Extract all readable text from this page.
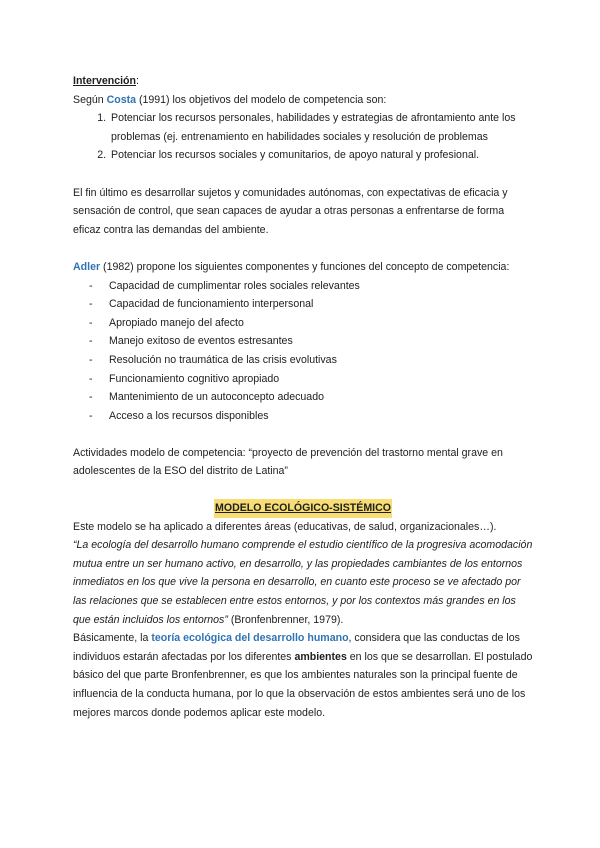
Intervención:

Según Costa (1991) los objetivos del modelo de competencia son:

1. Potenciar los recursos personales, habilidades y estrategias de afrontamiento ante los problemas (ej. entrenamiento en habilidades sociales y resolución de problemas
2. Potenciar los recursos sociales y comunitarios, de apoyo natural y profesional.

El fin último es desarrollar sujetos y comunidades autónomas, con expectativas de eficacia y sensación de control, que sean capaces de ayudar a otras personas a enfrentarse de forma eficaz contra las demandas del ambiente.

Adler (1982) propone los siguientes componentes y funciones del concepto de competencia:

- Capacidad de cumplimentar roles sociales relevantes
- Capacidad de funcionamiento interpersonal
- Apropiado manejo del afecto
- Manejo exitoso de eventos estresantes
- Resolución no traumática de las crisis evolutivas
- Funcionamiento cognitivo apropiado
- Mantenimiento de un autoconcepto adecuado
- Acceso a los recursos disponibles

Actividades modelo de competencia: “proyecto de prevención del trastorno mental grave en adolescentes de la ESO del distrito de Latina”

MODELO ECOLÓGICO-SISTÉMICO

Este modelo se ha aplicado a diferentes áreas (educativas, de salud, organizacionales…).

“La ecología del desarrollo humano comprende el estudio científico de la progresiva acomodación mutua entre un ser humano activo, en desarrollo, y las propiedades cambiantes de los entornos inmediatos en los que vive la persona en desarrollo, en cuanto este proceso se ve afectado por las relaciones que se establecen entre estos entornos, y por los contextos más grandes en los que están incluidos los entornos” (Bronfenbrenner, 1979).

Básicamente, la teoría ecológica del desarrollo humano, considera que las conductas de los individuos estarán afectadas por los diferentes ambientes en los que se desarrollan. El postulado básico del que parte Bronfenbrenner, es que los ambientes naturales son la principal fuente de influencia de la conducta humana, por lo que la observación de estos ambientes será uno de los mejores marcos donde podemos aplicar este modelo.
